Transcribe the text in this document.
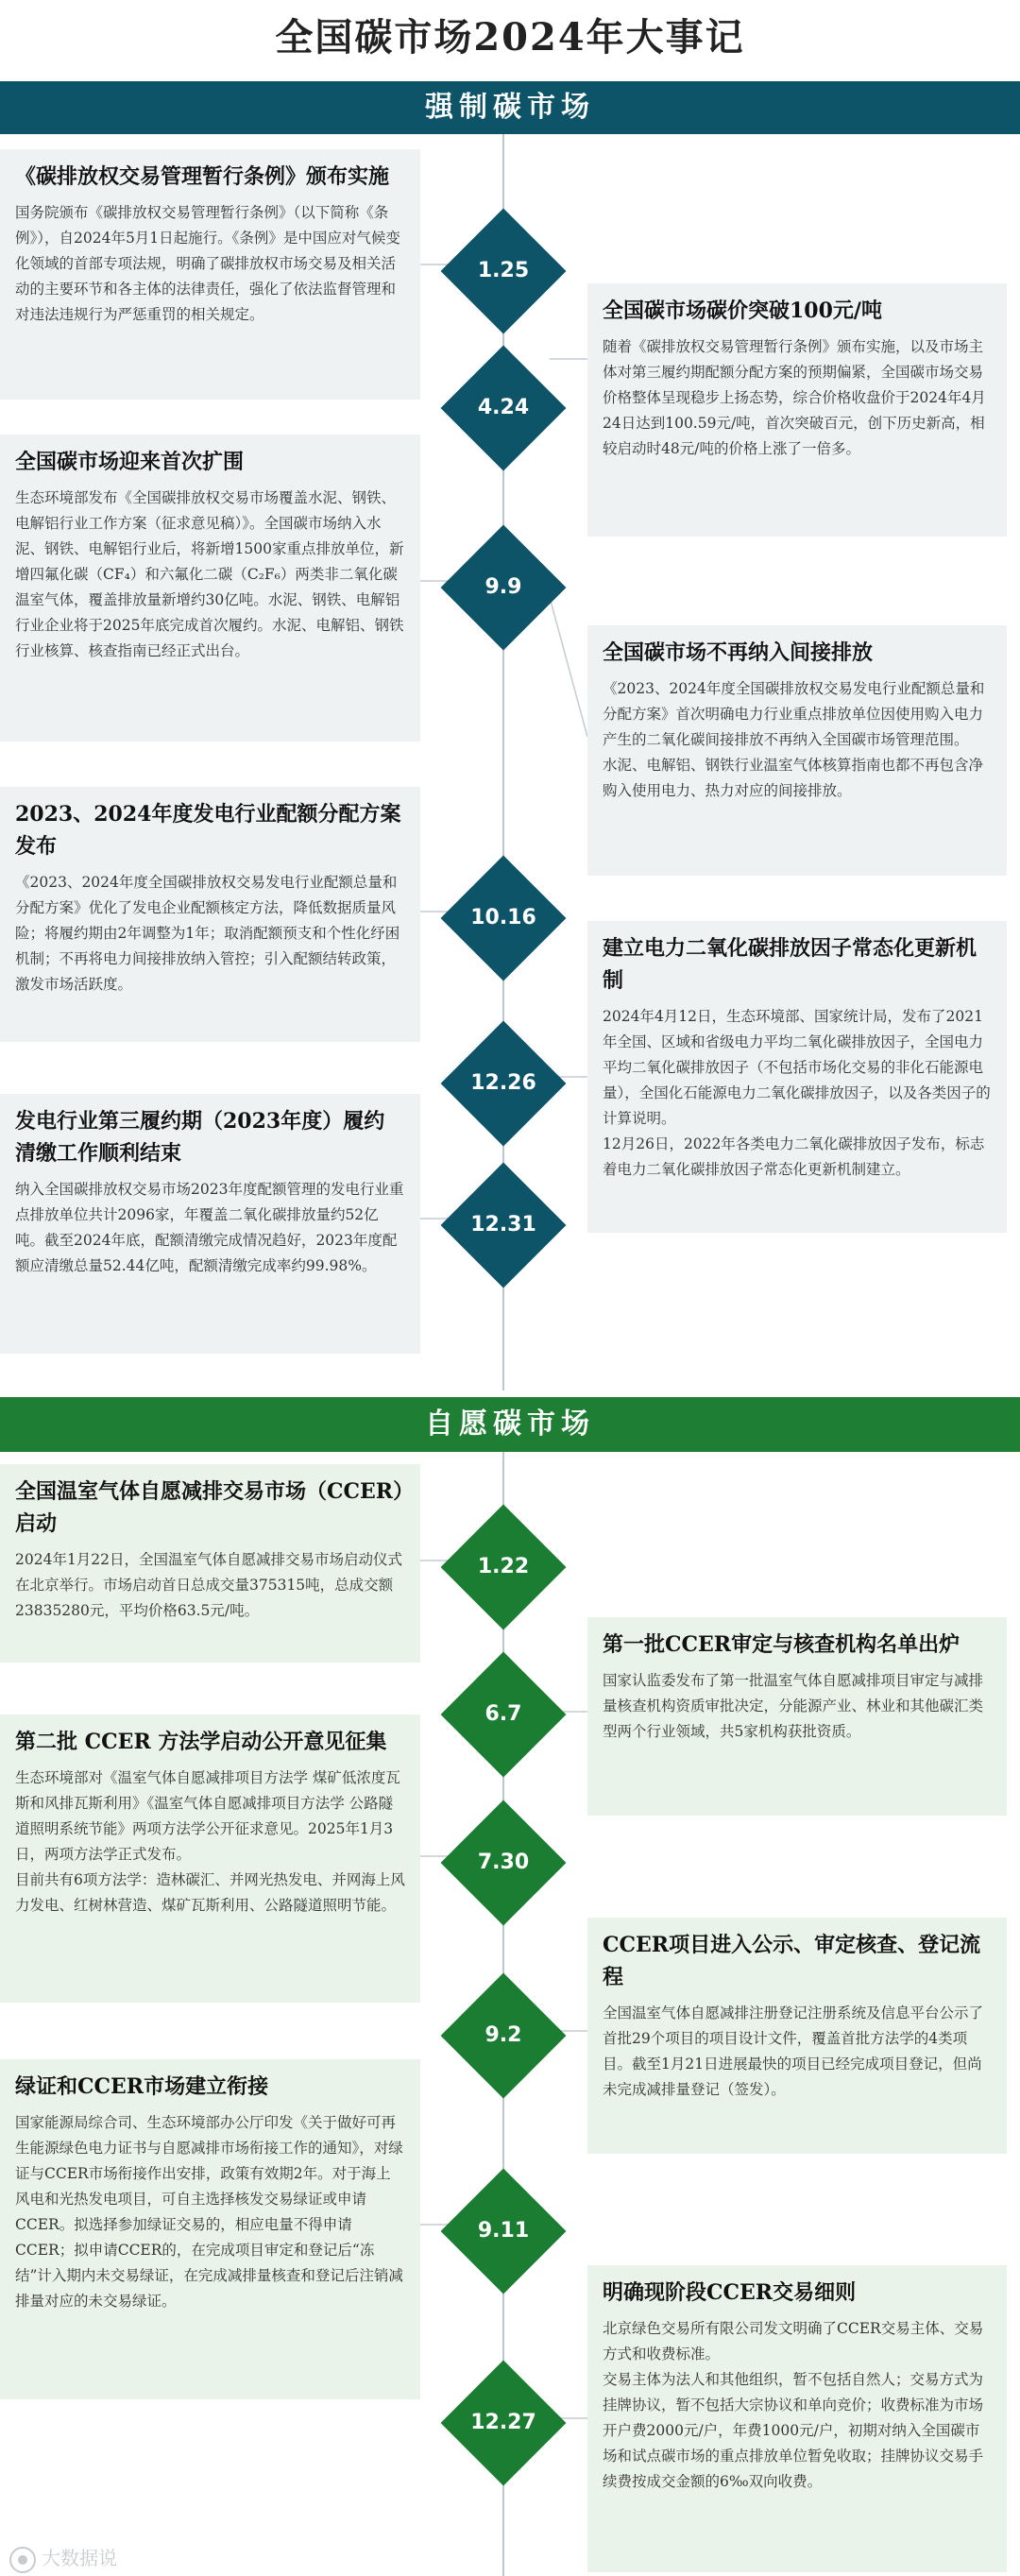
全国碳市场2024年大事记
强制碳市场
自愿碳市场
《碳排放权交易管理暂行条例》颁布实施

国务院颁布《碳排放权交易管理暂行条例》（以下简称《条例》），自2024年5月1日起施行。《条例》是中国应对气候变化领域的首部专项法规，明确了碳排放权市场交易及相关活动的主要环节和各主体的法律责任，强化了依法监督管理和对违法违规行为严惩重罚的相关规定。	全国碳市场碳价突破100元/吨

随着《碳排放权交易管理暂行条例》颁布实施，以及市场主体对第三履约期配额分配方案的预期偏紧，全国碳市场交易价格整体呈现稳步上扬态势，综合价格收盘价于2024年4月24日达到100.59元/吨，首次突破百元，创下历史新高，相较启动时48元/吨的价格上涨了一倍多。

全国碳市场迎来首次扩围

生态环境部发布《全国碳排放权交易市场覆盖水泥、钢铁、电解铝行业工作方案（征求意见稿）》。全国碳市场纳入水泥、钢铁、电解铝行业后，将新增1500家重点排放单位，新增四氟化碳（CF₄）和六氟化二碳（C₂F₆）两类非二氧化碳温室气体，覆盖排放量新增约30亿吨。水泥、钢铁、电解铝行业企业将于2025年底完成首次履约。水泥、电解铝、钢铁行业核算、核查指南已经正式出台。	全国碳市场不再纳入间接排放

《2023、2024年度全国碳排放权交易发电行业配额总量和分配方案》首次明确电力行业重点排放单位因使用购入电力产生的二氧化碳间接排放不再纳入全国碳市场管理范围。
水泥、电解铝、钢铁行业温室气体核算指南也都不再包含净购入使用电力、热力对应的间接排放。

2023、2024年度发电行业配额分配方案发布

《2023、2024年度全国碳排放权交易发电行业配额总量和分配方案》优化了发电企业配额核定方法，降低数据质量风险；将履约期由2年调整为1年；取消配额预支和个性化纾困机制；不再将电力间接排放纳入管控；引入配额结转政策，激发市场活跃度。

建立电力二氧化碳排放因子常态化更新机制

2024年4月12日，生态环境部、国家统计局，发布了2021年全国、区域和省级电力平均二氧化碳排放因子，全国电力平均二氧化碳排放因子（不包括市场化交易的非化石能源电量），全国化石能源电力二氧化碳排放因子，以及各类因子的计算说明。
12月26日，2022年各类电力二氧化碳排放因子发布，标志着电力二氧化碳排放因子常态化更新机制建立。

发电行业第三履约期（2023年度）履约清缴工作顺利结束

纳入全国碳排放权交易市场2023年度配额管理的发电行业重点排放单位共计2096家，年覆盖二氧化碳排放量约52亿吨。截至2024年底，配额清缴完成情况趋好，2023年度配额应清缴总量52.44亿吨，配额清缴完成率约99.98%。

全国温室气体自愿减排交易市场（CCER）启动

2024年1月22日，全国温室气体自愿减排交易市场启动仪式在北京举行。市场启动首日总成交量375315吨，总成交额23835280元，平均价格63.5元/吨。

第一批CCER审定与核查机构名单出炉

国家认监委发布了第一批温室气体自愿减排项目审定与减排量核查机构资质审批决定，分能源产业、林业和其他碳汇类型两个行业领域，共5家机构获批资质。

第二批 CCER 方法学启动公开意见征集

生态环境部对《温室气体自愿减排项目方法学 煤矿低浓度瓦斯和风排瓦斯利用》《温室气体自愿减排项目方法学 公路隧道照明系统节能》两项方法学公开征求意见。2025年1月3日，两项方法学正式发布。
目前共有6项方法学：造林碳汇、并网光热发电、并网海上风力发电、红树林营造、煤矿瓦斯利用、公路隧道照明节能。

CCER项目进入公示、审定核查、登记流程

全国温室气体自愿减排注册登记注册系统及信息平台公示了首批29个项目的项目设计文件，覆盖首批方法学的4类项目。截至1月21日进展最快的项目已经完成项目登记，但尚未完成减排量登记（签发）。

绿证和CCER市场建立衔接

国家能源局综合司、生态环境部办公厅印发《关于做好可再生能源绿色电力证书与自愿减排市场衔接工作的通知》，对绿证与CCER市场衔接作出安排，政策有效期2年。对于海上风电和光热发电项目，可自主选择核发交易绿证或申请CCER。拟选择参加绿证交易的，相应电量不得申请CCER；拟申请CCER的，在完成项目审定和登记后“冻结”计入期内未交易绿证，在完成减排量核查和登记后注销减排量对应的未交易绿证。	明确现阶段CCER交易细则

北京绿色交易所有限公司发文明确了CCER交易主体、交易方式和收费标准。
交易主体为法人和其他组织，暂不包括自然人；交易方式为挂牌协议，暂不包括大宗协议和单向竞价；收费标准为市场开户费2000元/户，年费1000元/户，初期对纳入全国碳市场和试点碳市场的重点排放单位暂免收取；挂牌协议交易手续费按成交金额的6‰双向收费。

1.25
4.24
9.9
10.16
12.26
12.31
1.22
6.7
7.30
9.2
9.11
12.27
大数据说
